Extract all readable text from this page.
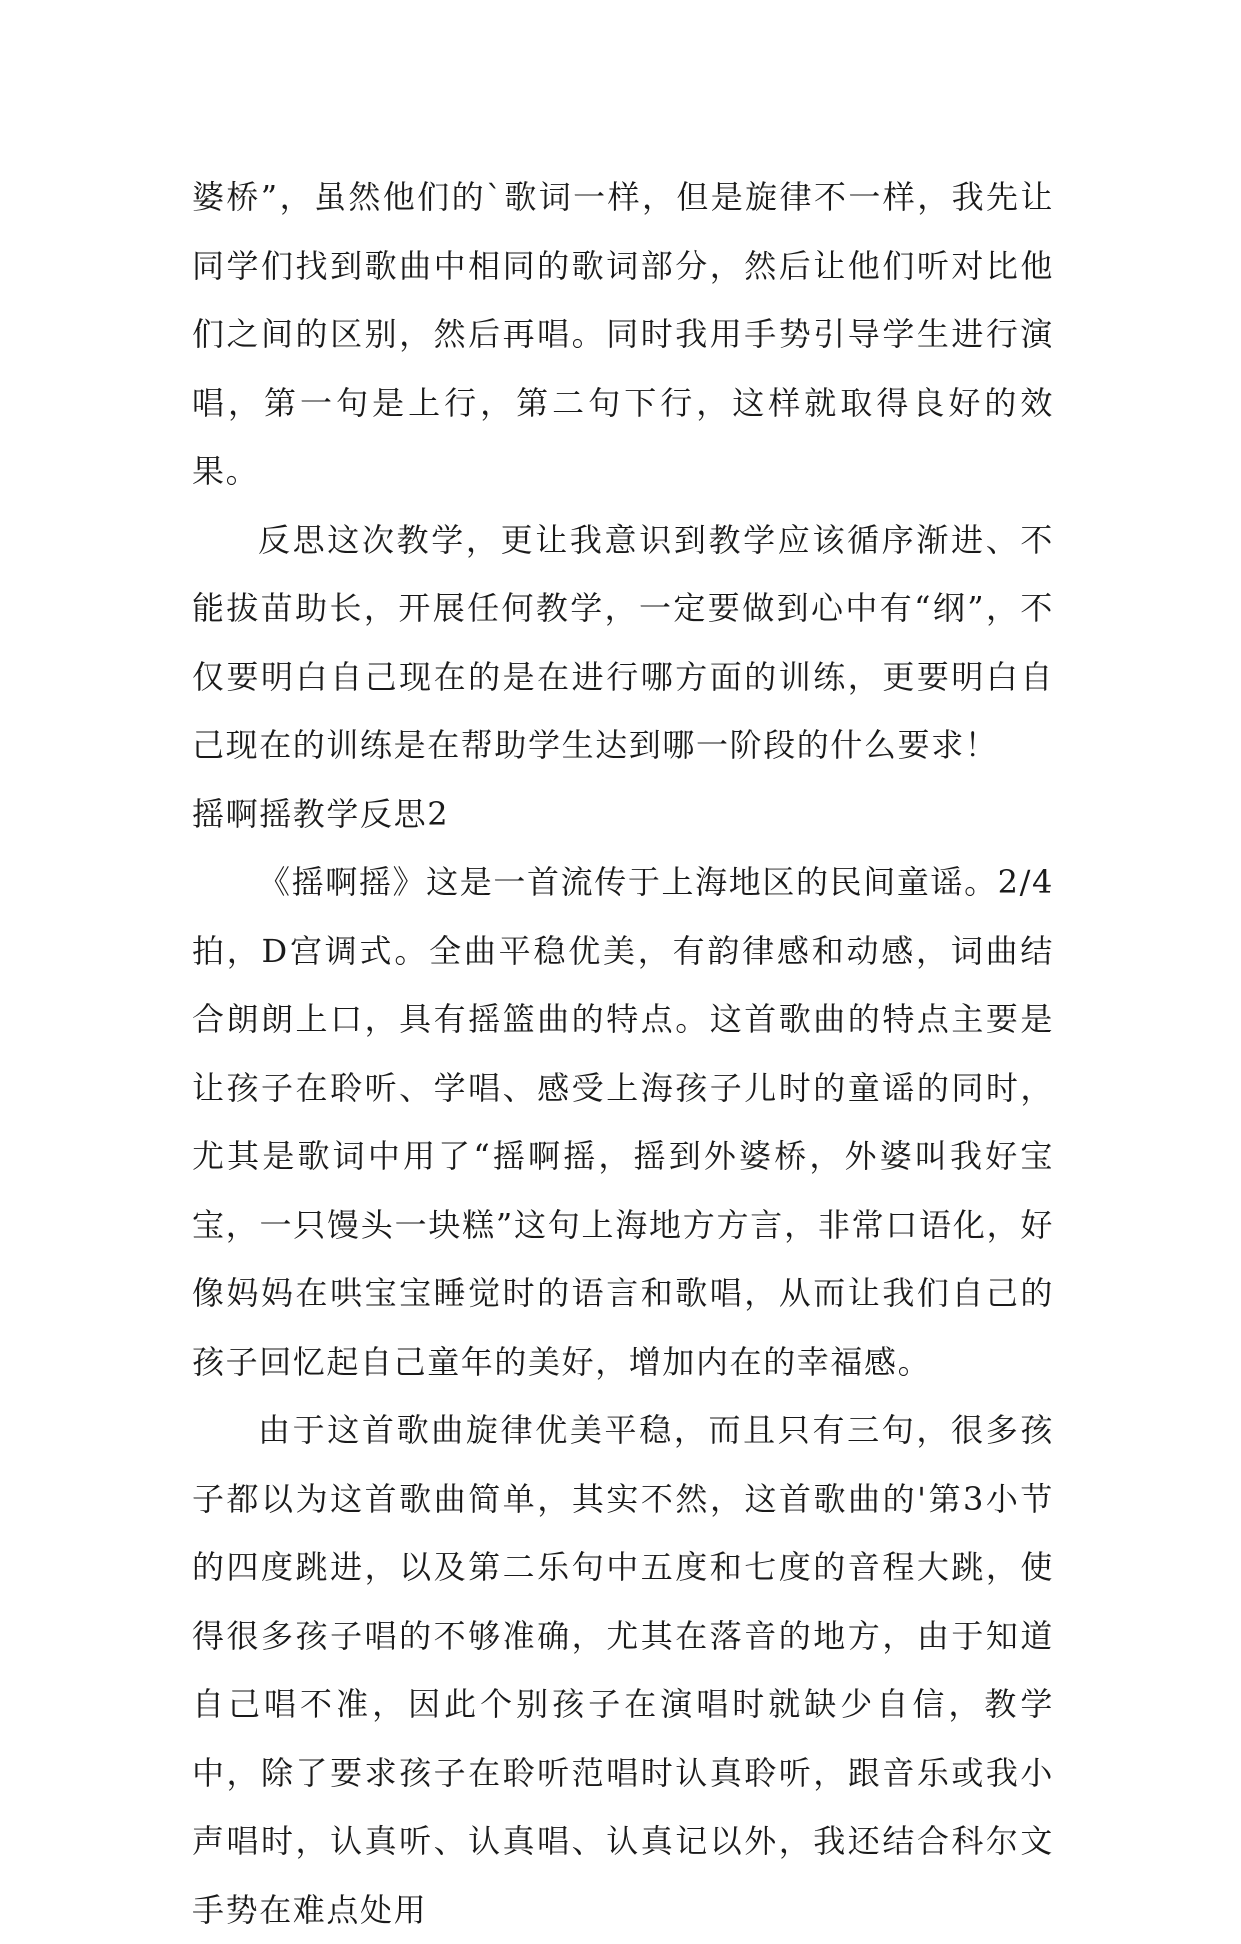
婆桥”，虽然他们的`歌词一样，但是旋律不一样，我先让同学们找到歌曲中相同的歌词部分，然后让他们听对比他们之间的区别，然后再唱。同时我用手势引导学生进行演唱，第一句是上行，第二句下行，这样就取得良好的效果。

反思这次教学，更让我意识到教学应该循序渐进、不能拔苗助长，开展任何教学，一定要做到心中有“纲”，不仅要明白自己现在的是在进行哪方面的训练，更要明白自己现在的训练是在帮助学生达到哪一阶段的什么要求！

摇啊摇教学反思2

《摇啊摇》这是一首流传于上海地区的民间童谣。2/4拍，D宫调式。全曲平稳优美，有韵律感和动感，词曲结合朗朗上口，具有摇篮曲的特点。这首歌曲的特点主要是让孩子在聆听、学唱、感受上海孩子儿时的童谣的同时，尤其是歌词中用了“摇啊摇，摇到外婆桥，外婆叫我好宝宝，一只馒头一块糕”这句上海地方方言，非常口语化，好像妈妈在哄宝宝睡觉时的语言和歌唱，从而让我们自己的孩子回忆起自己童年的美好，增加内在的幸福感。

由于这首歌曲旋律优美平稳，而且只有三句，很多孩子都以为这首歌曲简单，其实不然，这首歌曲的'第3小节的四度跳进，以及第二乐句中五度和七度的音程大跳，使得很多孩子唱的不够准确，尤其在落音的地方，由于知道自己唱不准，因此个别孩子在演唱时就缺少自信，教学中，除了要求孩子在聆听范唱时认真聆听，跟音乐或我小声唱时，认真听、认真唱、认真记以外，我还结合科尔文手势在难点处用
